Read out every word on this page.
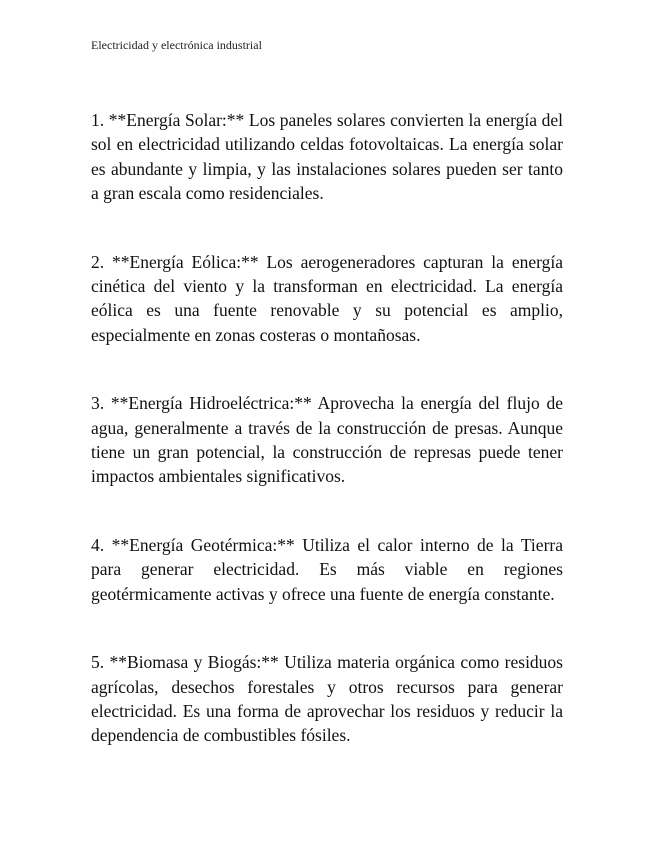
Electricidad y electrónica industrial

1. **Energía Solar:** Los paneles solares convierten la energía del sol en electricidad utilizando celdas fotovoltaicas. La energía solar es abundante y limpia, y las instalaciones solares pueden ser tanto a gran escala como residenciales.

2. **Energía Eólica:** Los aerogeneradores capturan la energía cinética del viento y la transforman en electricidad. La energía eólica es una fuente renovable y su potencial es amplio, especialmente en zonas costeras o montañosas.

3. **Energía Hidroeléctrica:** Aprovecha la energía del flujo de agua, generalmente a través de la construcción de presas. Aunque tiene un gran potencial, la construcción de represas puede tener impactos ambientales significativos.

4. **Energía Geotérmica:** Utiliza el calor interno de la Tierra para generar electricidad. Es más viable en regiones geotérmicamente activas y ofrece una fuente de energía constante.

5. **Biomasa y Biogás:** Utiliza materia orgánica como residuos agrícolas, desechos forestales y otros recursos para generar electricidad. Es una forma de aprovechar los residuos y reducir la dependencia de combustibles fósiles.
